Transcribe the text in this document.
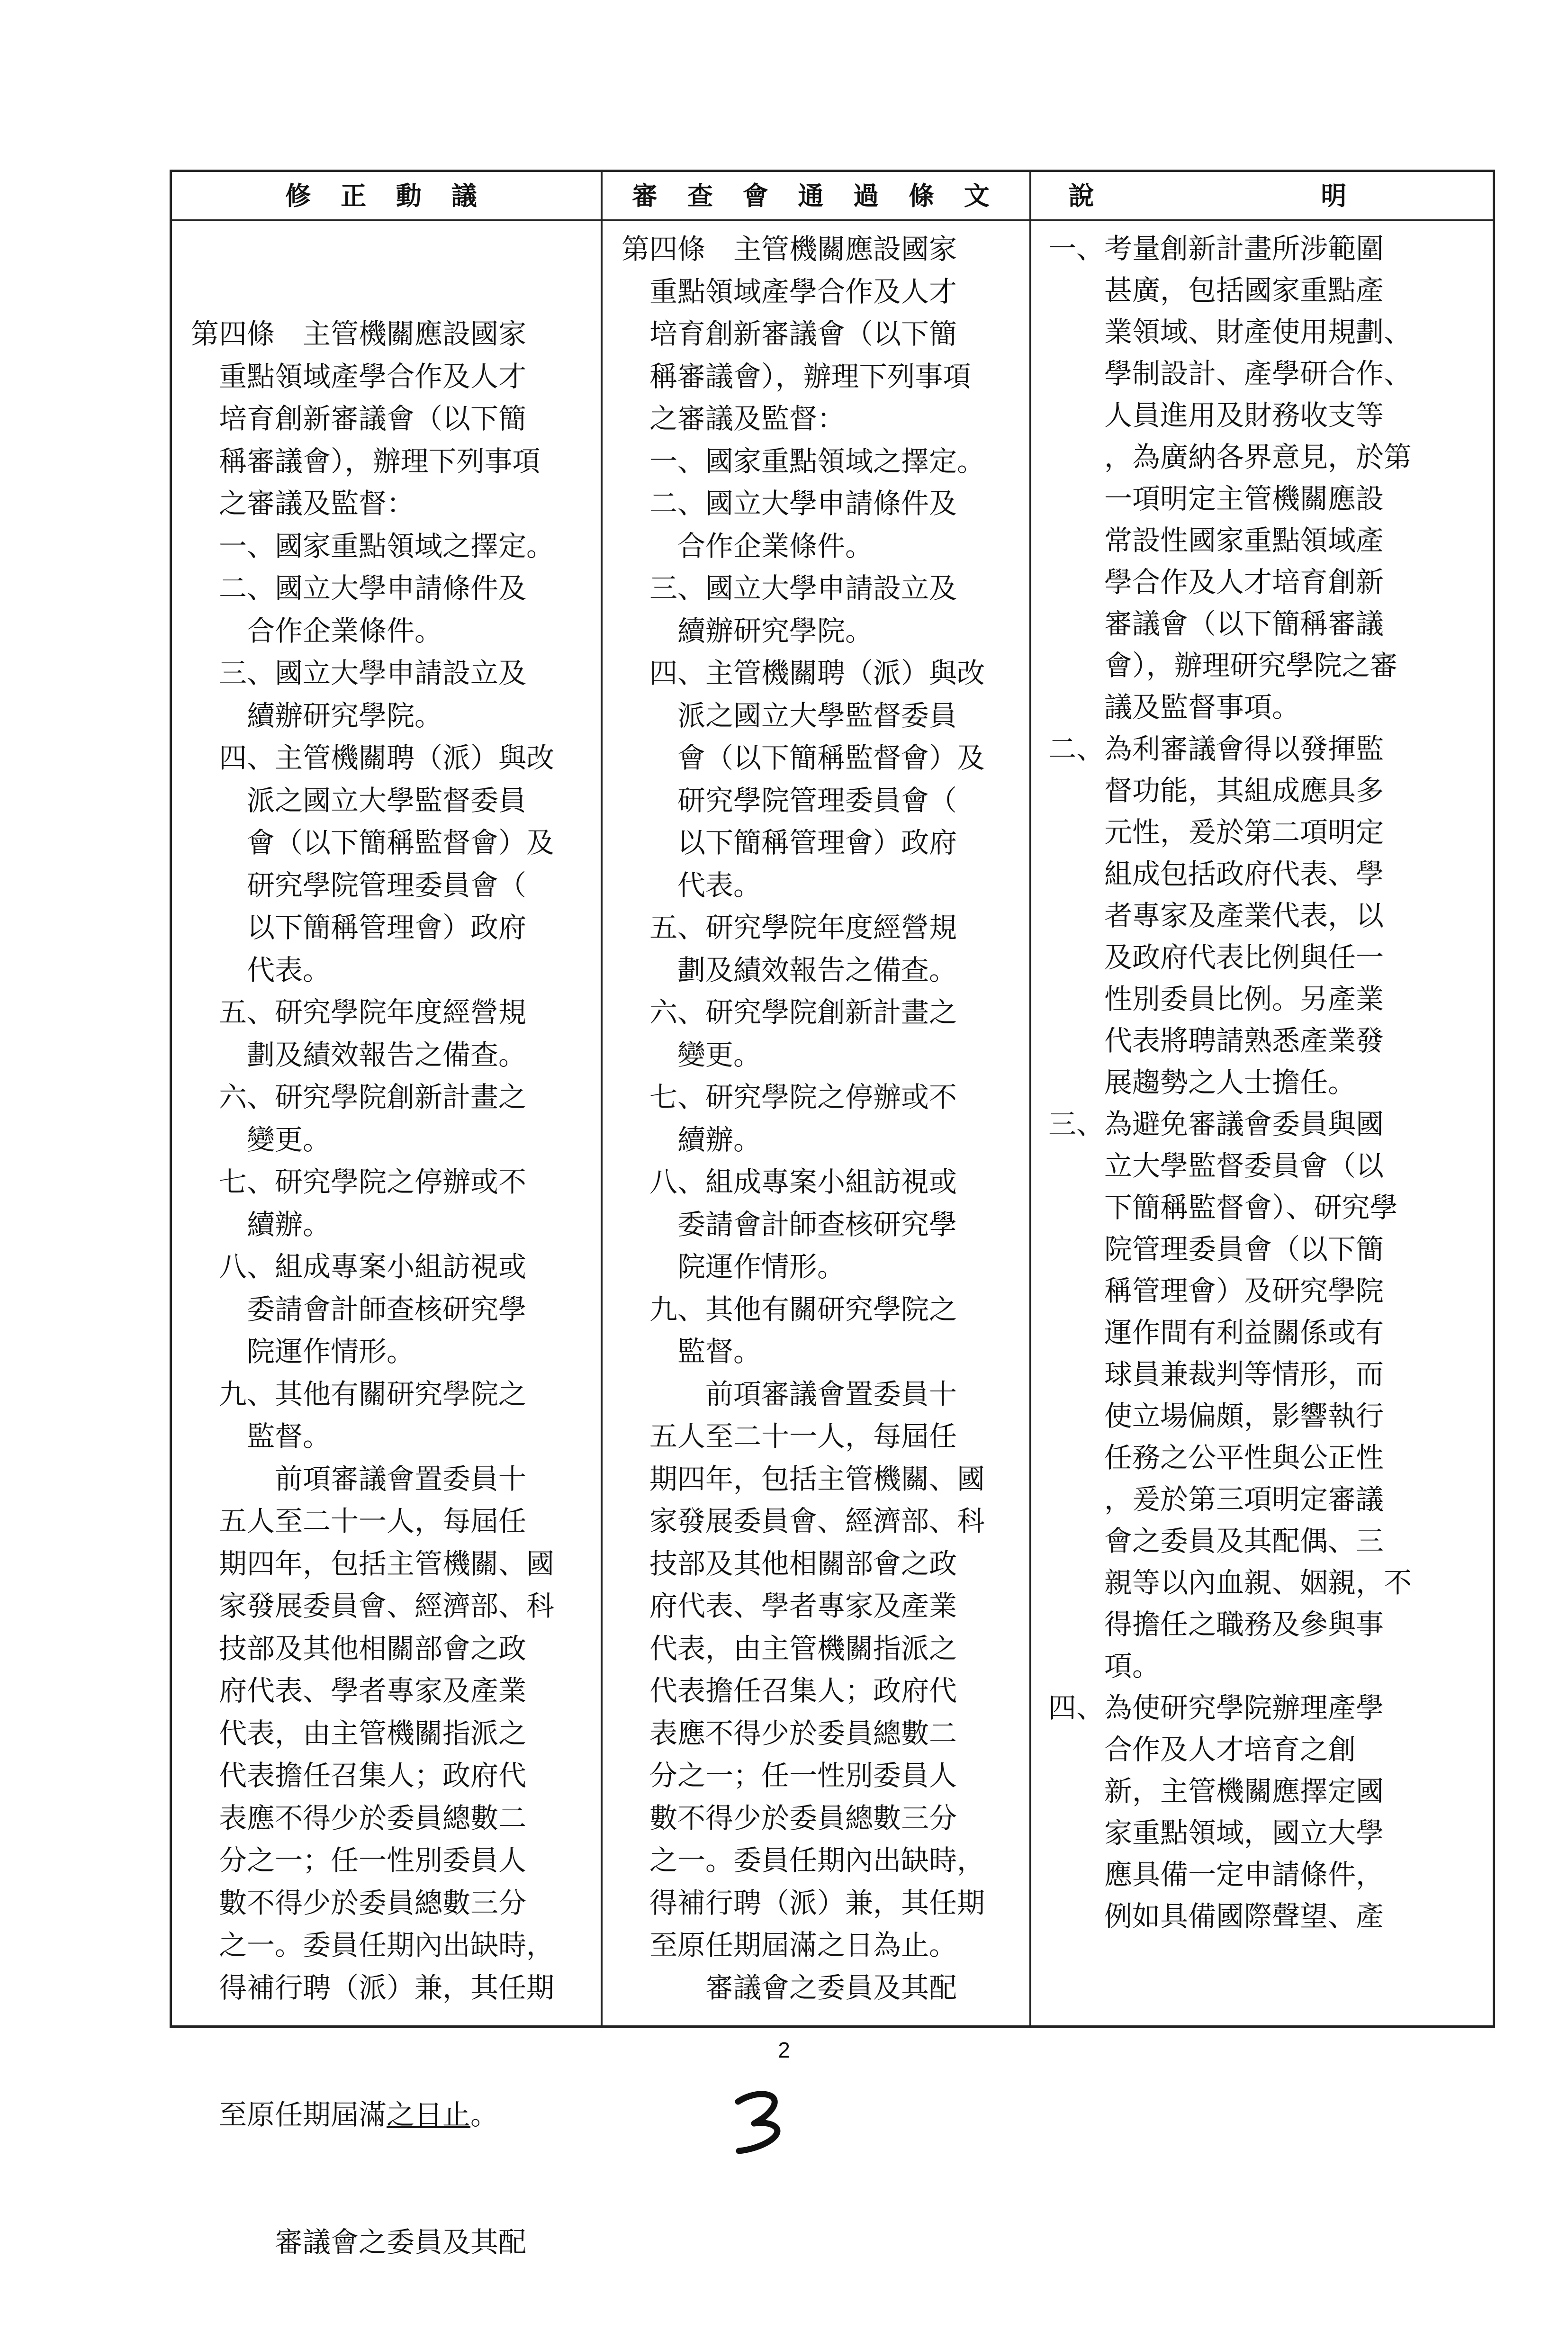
修 正 動 議

第四條　主管機關應設國家
　重點領域產學合作及人才
　培育創新審議會（以下簡
　稱審議會），辦理下列事項
　之審議及監督：
　一、國家重點領域之擇定。
　二、國立大學申請條件及
　　合作企業條件。
　三、國立大學申請設立及
　　續辦研究學院。
　四、主管機關聘（派）與改
　　派之國立大學監督委員
　　會（以下簡稱監督會）及
　　研究學院管理委員會（
　　以下簡稱管理會）政府
　　代表。
　五、研究學院年度經營規
　　劃及績效報告之備查。
　六、研究學院創新計畫之
　　變更。
　七、研究學院之停辦或不
　　續辦。
　八、組成專案小組訪視或
　　委請會計師查核研究學
　　院運作情形。
　九、其他有關研究學院之
　　監督。
　　　前項審議會置委員十
　五人至二十一人，每屆任
　期四年，包括主管機關、國
　家發展委員會、經濟部、科
　技部及其他相關部會之政
　府代表、學者專家及產業
　代表，由主管機關指派之
　代表擔任召集人；政府代
　表應不得少於委員總數二
　分之一；任一性別委員人
　數不得少於委員總數三分
　之一。委員任期內出缺時，
　得補行聘（派）兼，其任期

　至原任期屆滿之日止。

　　　審議會之委員及其配

審 查 會 通 過 條 文
第四條　主管機關應設國家
　重點領域產學合作及人才
　培育創新審議會（以下簡
　稱審議會），辦理下列事項
　之審議及監督：
　一、國家重點領域之擇定。
　二、國立大學申請條件及
　　合作企業條件。
　三、國立大學申請設立及
　　續辦研究學院。
　四、主管機關聘（派）與改
　　派之國立大學監督委員
　　會（以下簡稱監督會）及
　　研究學院管理委員會（
　　以下簡稱管理會）政府
　　代表。
　五、研究學院年度經營規
　　劃及績效報告之備查。
　六、研究學院創新計畫之
　　變更。
　七、研究學院之停辦或不
　　續辦。
　八、組成專案小組訪視或
　　委請會計師查核研究學
　　院運作情形。
　九、其他有關研究學院之
　　監督。
　　　前項審議會置委員十
　五人至二十一人，每屆任
　期四年，包括主管機關、國
　家發展委員會、經濟部、科
　技部及其他相關部會之政
　府代表、學者專家及產業
　代表，由主管機關指派之
　代表擔任召集人；政府代
　表應不得少於委員總數二
　分之一；任一性別委員人
　數不得少於委員總數三分
　之一。委員任期內出缺時，
　得補行聘（派）兼，其任期
　至原任期屆滿之日為止。
　　　審議會之委員及其配
說 明
一、考量創新計畫所涉範圍
　　甚廣，包括國家重點產
　　業領域、財產使用規劃、
　　學制設計、產學研合作、
　　人員進用及財務收支等
　　，為廣納各界意見，於第
　　一項明定主管機關應設
　　常設性國家重點領域產
　　學合作及人才培育創新
　　審議會（以下簡稱審議
　　會），辦理研究學院之審
　　議及監督事項。
二、為利審議會得以發揮監
　　督功能，其組成應具多
　　元性，爰於第二項明定
　　組成包括政府代表、學
　　者專家及產業代表，以
　　及政府代表比例與任一
　　性別委員比例。另產業
　　代表將聘請熟悉產業發
　　展趨勢之人士擔任。
三、為避免審議會委員與國
　　立大學監督委員會（以
　　下簡稱監督會）、研究學
　　院管理委員會（以下簡
　　稱管理會）及研究學院
　　運作間有利益關係或有
　　球員兼裁判等情形，而
　　使立場偏頗，影響執行
　　任務之公平性與公正性
　　，爰於第三項明定審議
　　會之委員及其配偶、三
　　親等以內血親、姻親，不
　　得擔任之職務及參與事
　　項。
四、為使研究學院辦理產學
　　合作及人才培育之創
　　新，主管機關應擇定國
　　家重點領域，國立大學
　　應具備一定申請條件，
　　例如具備國際聲望、產
2
